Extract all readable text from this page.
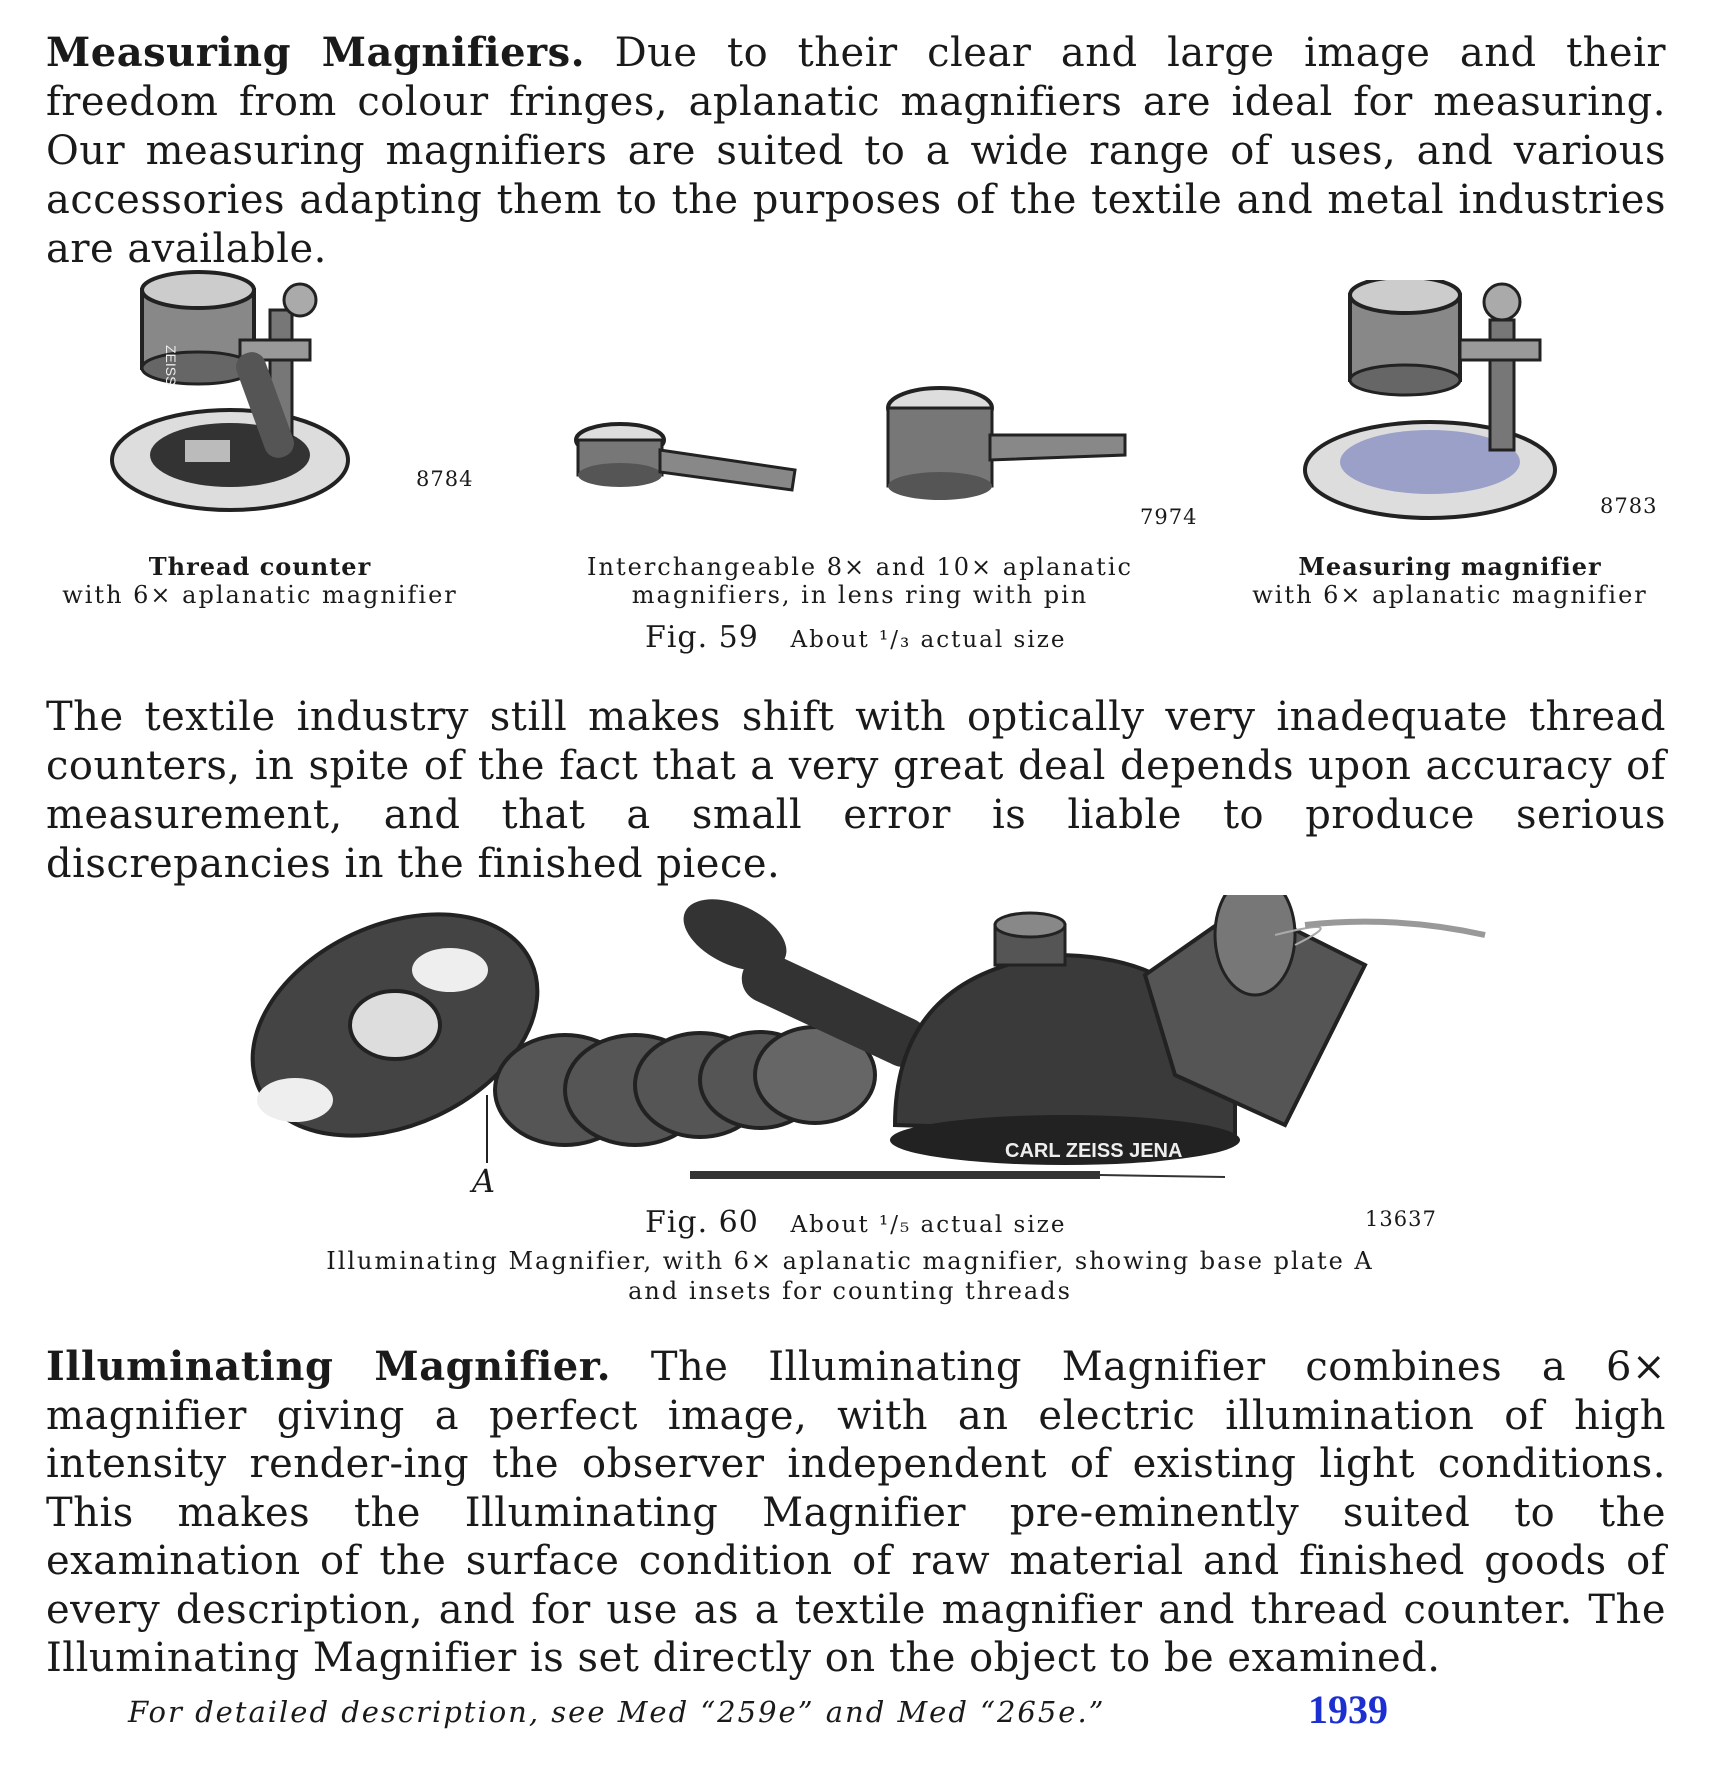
Measuring Magnifiers. Due to their clear and large image and their freedom from colour fringes, aplanatic magnifiers are ideal for measuring. Our measuring magnifiers are suited to a wide range of uses, and various accessories adapting them to the purposes of the textile and metal industries are available.
ZEISS
8784
7974	8783
Thread counter
with 6× aplanatic magnifier
Interchangeable 8× and 10× aplanatic magnifiers, in lens ring with pin
Measuring magnifier
with 6× aplanatic magnifier
Fig. 59 About ¹/₃ actual size
The textile industry still makes shift with optically very inadequate thread counters, in spite of the fact that a very great deal depends upon accuracy of measurement, and that a small error is liable to produce serious discrepancies in the finished piece.
CARL ZEISS JENA
A
13637
Fig. 60 About ¹/₅ actual size
Illuminating Magnifier, with 6× aplanatic magnifier, showing base plate A
and insets for counting threads
Illuminating Magnifier. The Illuminating Magnifier combines a 6× magnifier giving a perfect image, with an electric illumination of high intensity render-ing the observer independent of existing light conditions. This makes the Illuminating Magnifier pre-eminently suited to the examination of the surface condition of raw material and finished goods of every description, and for use as a textile magnifier and thread counter. The Illuminating Magnifier is set directly on the object to be examined.
For detailed description, see Med “259e” and Med “265e.”	1939
